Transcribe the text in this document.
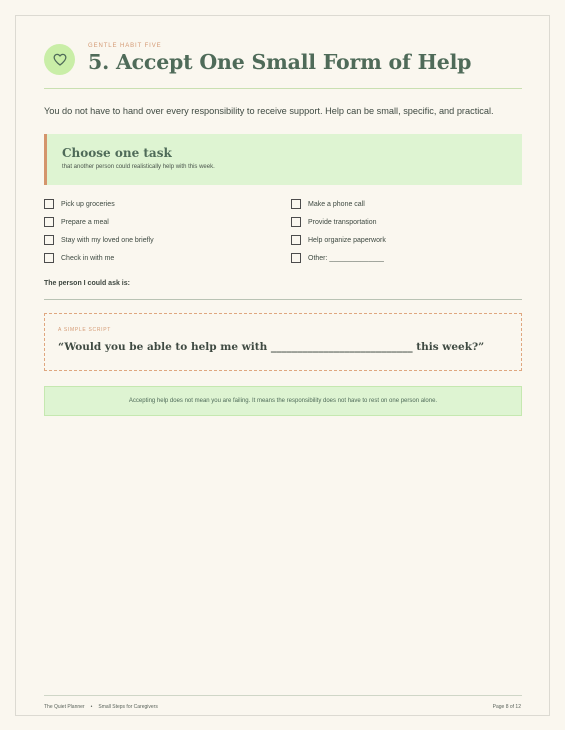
GENTLE HABIT FIVE
5. Accept One Small Form of Help
You do not have to hand over every responsibility to receive support. Help can be small, specific, and practical.
Choose one task
that another person could realistically help with this week.
Pick up groceries
Prepare a meal
Stay with my loved one briefly
Check in with me
Make a phone call
Provide transportation
Help organize paperwork
Other: ______________
The person I could ask is:
A SIMPLE SCRIPT
“Would you be able to help me with ___________________________ this week?”
Accepting help does not mean you are failing. It means the responsibility does not have to rest on one person alone.
The Quiet Planner • Small Steps for Caregivers	Page 8 of 12
